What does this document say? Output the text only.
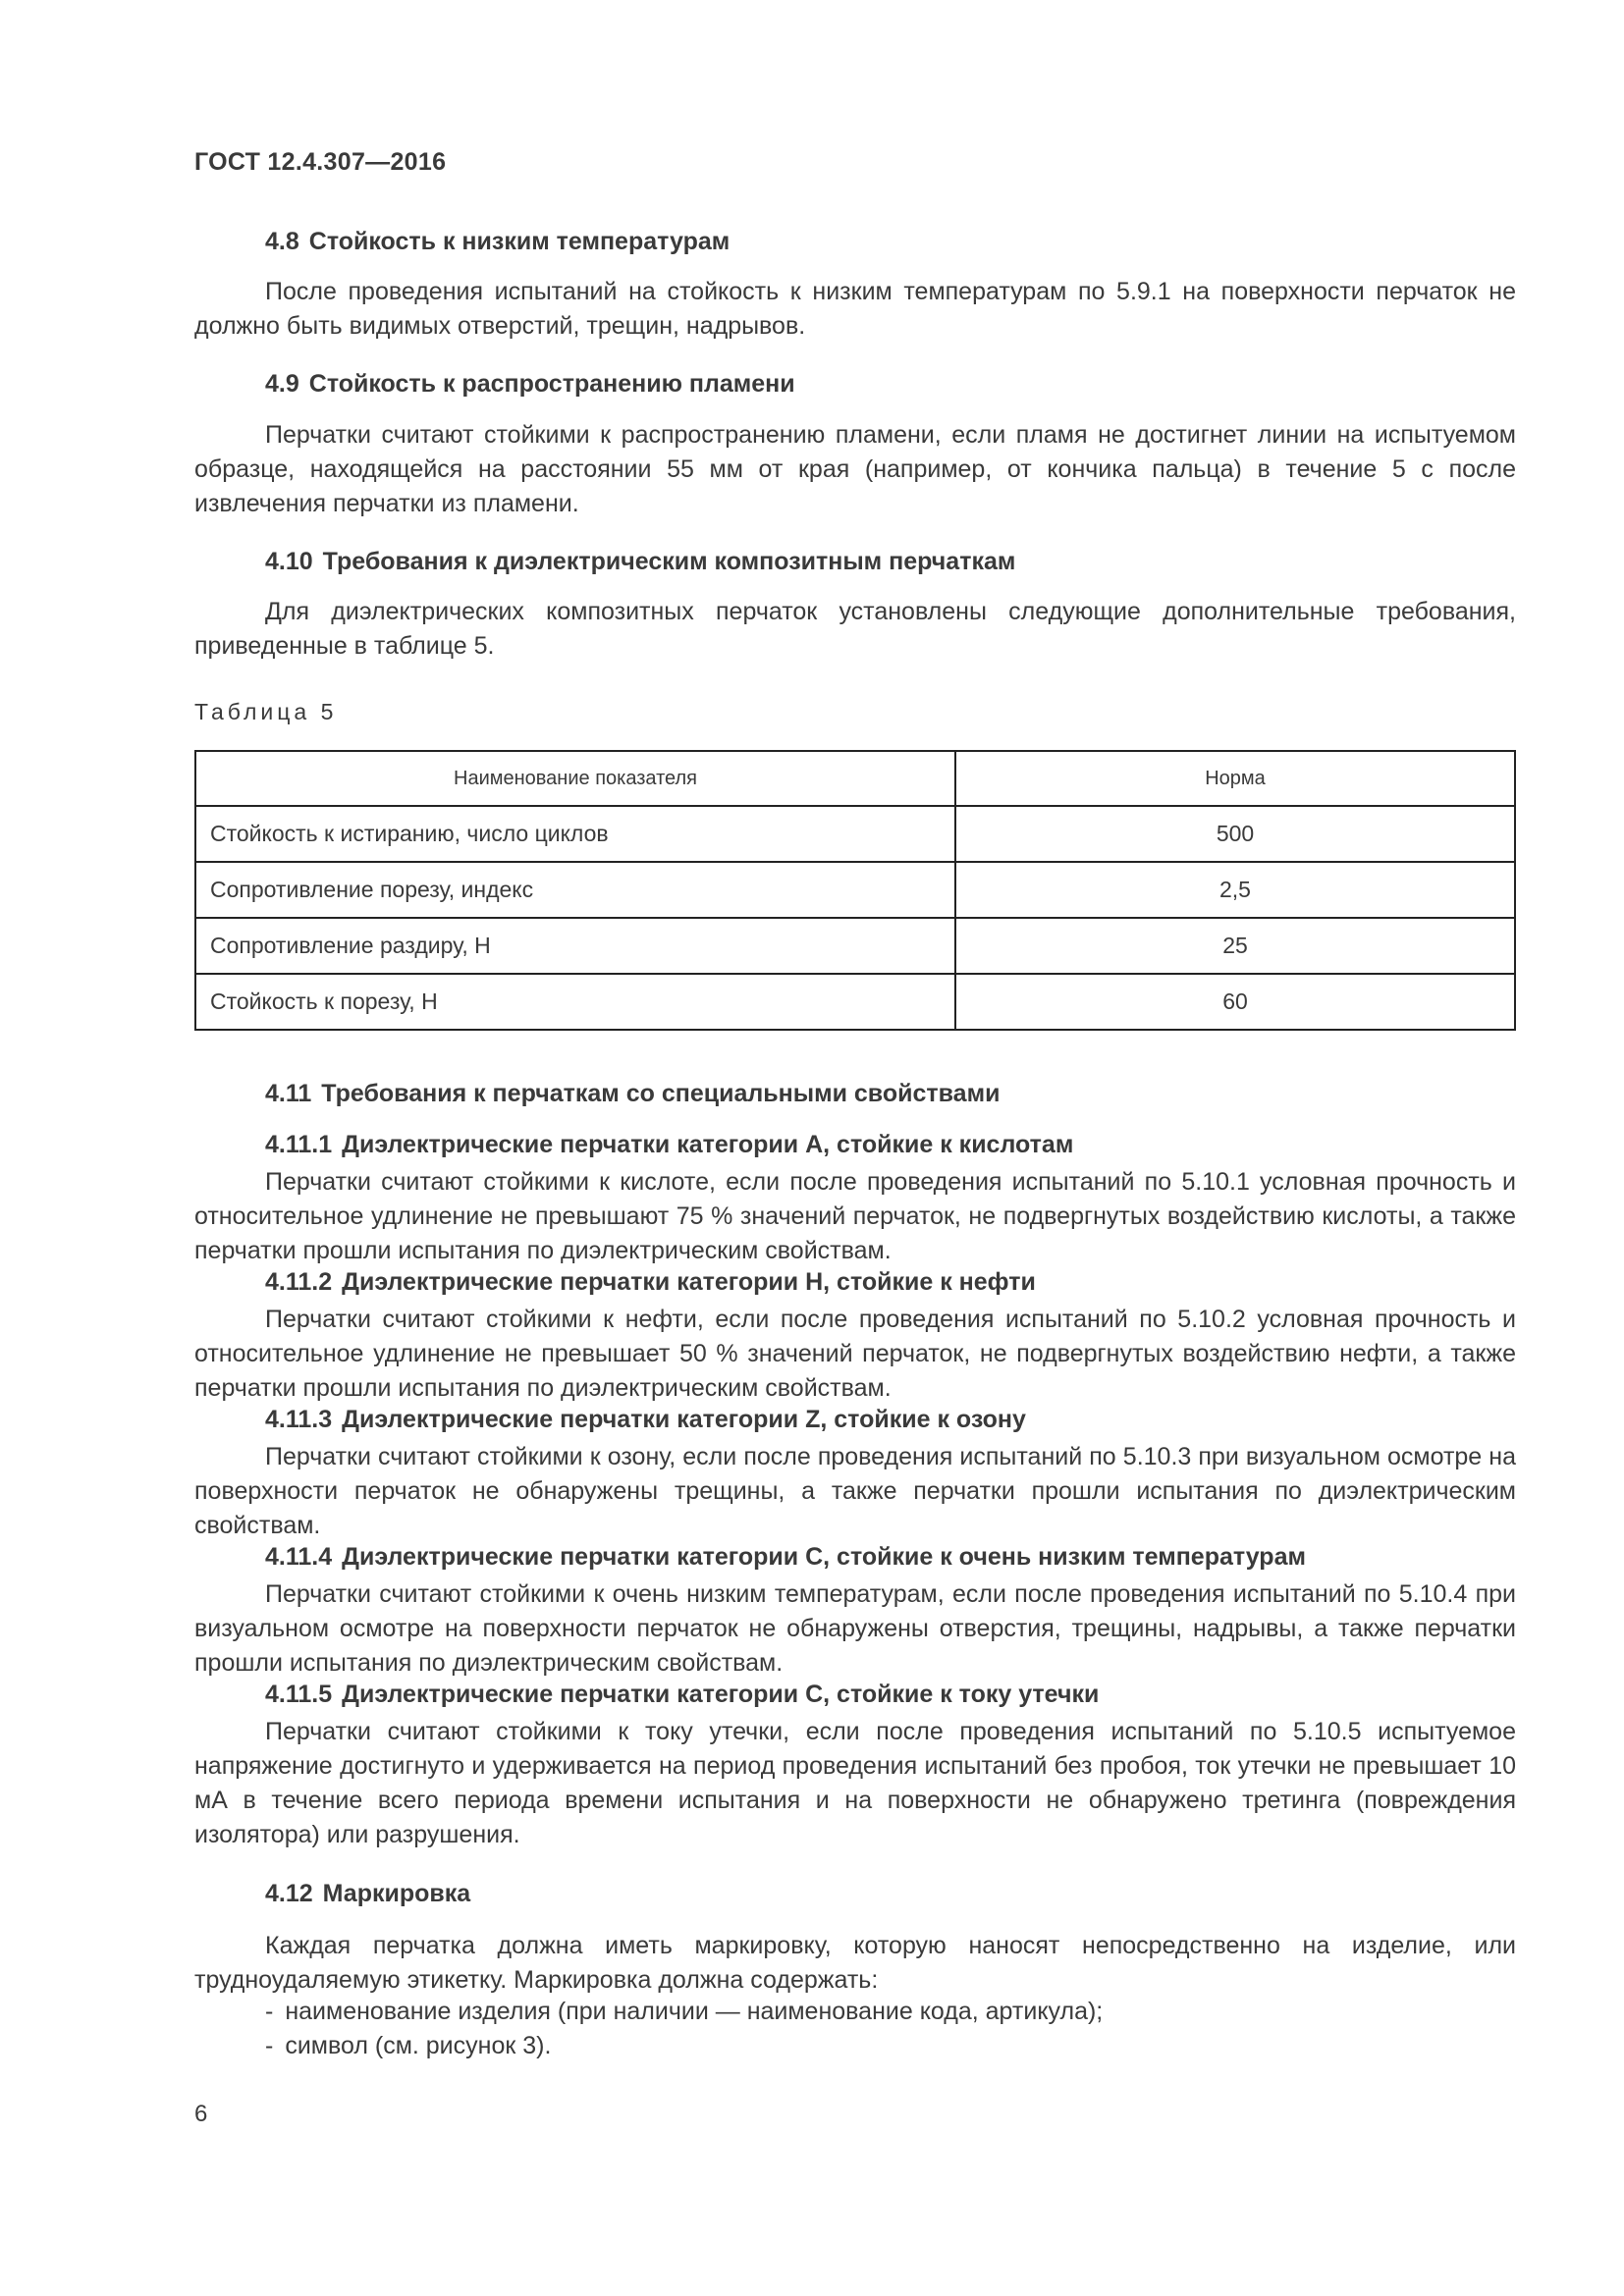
ГОСТ 12.4.307—2016
4.8 Стойкость к низким температурам
После проведения испытаний на стойкость к низким температурам по 5.9.1 на поверхности перчаток не должно быть видимых отверстий, трещин, надрывов.
4.9 Стойкость к распространению пламени
Перчатки считают стойкими к распространению пламени, если пламя не достигнет линии на испытуемом образце, находящейся на расстоянии 55 мм от края (например, от кончика пальца) в течение 5 с после извлечения перчатки из пламени.
4.10 Требования к диэлектрическим композитным перчаткам
Для диэлектрических композитных перчаток установлены следующие дополнительные требования, приведенные в таблице 5.
Таблица 5
Наименование показателя	Норма
Стойкость к истиранию, число циклов	500
Сопротивление порезу, индекс	2,5
Сопротивление раздиру, Н	25
Стойкость к порезу, Н	60
4.11 Требования к перчаткам со специальными свойствами
4.11.1 Диэлектрические перчатки категории А, стойкие к кислотам
Перчатки считают стойкими к кислоте, если после проведения испытаний по 5.10.1 условная прочность и относительное удлинение не превышают 75 % значений перчаток, не подвергнутых воздействию кислоты, а также перчатки прошли испытания по диэлектрическим свойствам.
4.11.2 Диэлектрические перчатки категории Н, стойкие к нефти
Перчатки считают стойкими к нефти, если после проведения испытаний по 5.10.2 условная прочность и относительное удлинение не превышает 50 % значений перчаток, не подвергнутых воздействию нефти, а также перчатки прошли испытания по диэлектрическим свойствам.
4.11.3 Диэлектрические перчатки категории Z, стойкие к озону
Перчатки считают стойкими к озону, если после проведения испытаний по 5.10.3 при визуальном осмотре на поверхности перчаток не обнаружены трещины, а также перчатки прошли испытания по диэлектрическим свойствам.
4.11.4 Диэлектрические перчатки категории С, стойкие к очень низким температурам
Перчатки считают стойкими к очень низким температурам, если после проведения испытаний по 5.10.4 при визуальном осмотре на поверхности перчаток не обнаружены отверстия, трещины, надрывы, а также перчатки прошли испытания по диэлектрическим свойствам.
4.11.5 Диэлектрические перчатки категории С, стойкие к току утечки
Перчатки считают стойкими к току утечки, если после проведения испытаний по 5.10.5 испытуемое напряжение достигнуто и удерживается на период проведения испытаний без пробоя, ток утечки не превышает 10 мА в течение всего периода времени испытания и на поверхности не обнаружено третинга (повреждения изолятора) или разрушения.
4.12 Маркировка
Каждая перчатка должна иметь маркировку, которую наносят непосредственно на изделие, или трудноудаляемую этикетку. Маркировка должна содержать:
- наименование изделия (при наличии — наименование кода, артикула);
- символ (см. рисунок 3).
6
